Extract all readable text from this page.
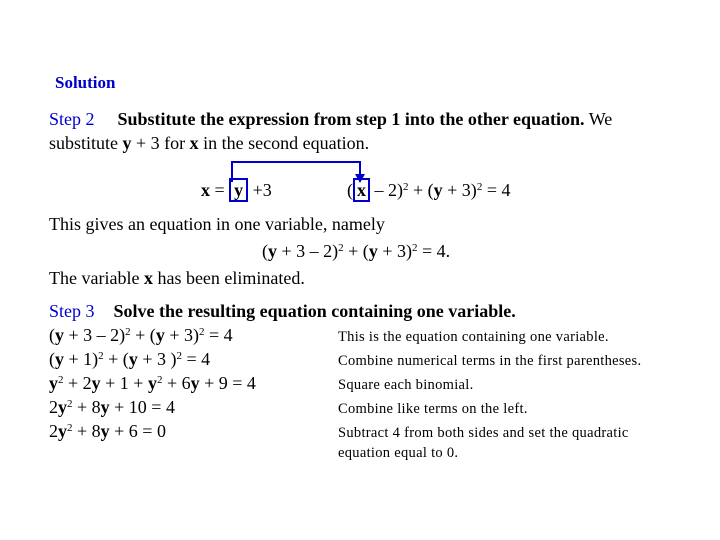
Solution
Step 2 Substitute the expression from step 1 into the other equation. We
substitute y + 3 for x in the second equation.
x = y +3	( $x - 2)^2 + (y + 3)^2 = 4$
This gives an equation in one variable, namely
$(y + 3 - 2)^2 + (y + 3)^2 = 4$.
The variable x has been eliminated.
Step 3 Solve the resulting equation containing one variable.
$(y + 3 - 2)^2 + (y + 3)^2 = 4$	This is the equation containing one variable.
$(y + 1)^2 + (y + 3$ )$^2$ = 4	Combine numerical terms in the first parentheses.
$y^2 + 2y + 1 + y^2 + 6y + 9 = 4$	Square each binomial.
$2y^2 + 8y + 10 = 4$	Combine like terms on the left.
$2y^2 + 8y + 6 = 0$	Subtract 4 from both sides and set the quadratic
equation equal to 0.
